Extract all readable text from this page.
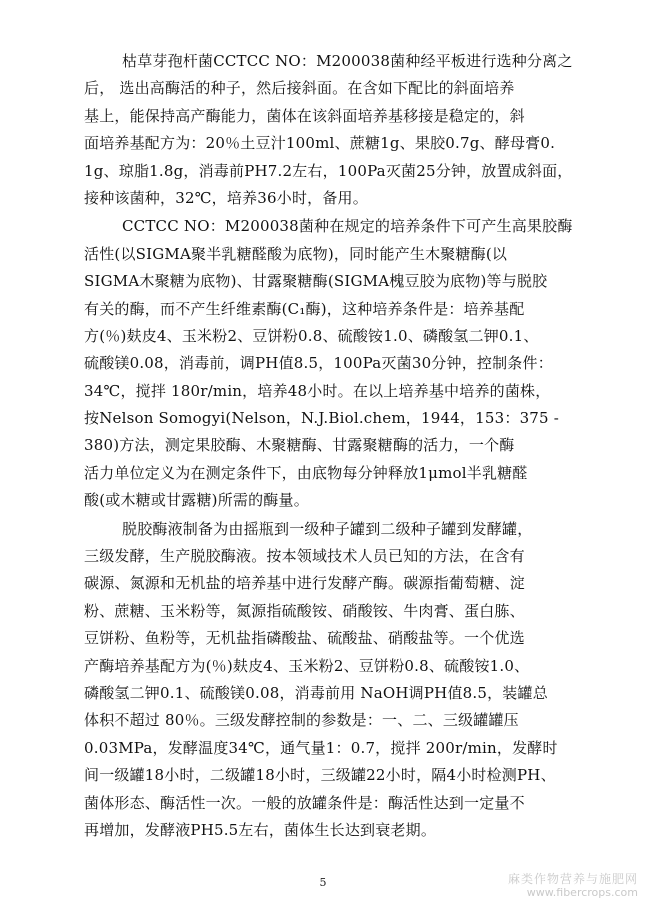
枯草芽孢杆菌CCTCC NO：M200038菌种经平板进行选种分离之
后， 选出高酶活的种子，然后接斜面。在含如下配比的斜面培养
基上，能保持高产酶能力，菌体在该斜面培养基移接是稳定的，斜
面培养基配方为：20％土豆汁100ml、蔗糖1g、果胶0.7g、酵母膏0.
1g、琼脂1.8g，消毒前PH7.2左右，100Pa灭菌25分钟，放置成斜面，
接种该菌种，32℃，培养36小时，备用。
CCTCC NO：M200038菌种在规定的培养条件下可产生高果胶酶
活性(以SIGMA聚半乳糖醛酸为底物)，同时能产生木聚糖酶(以
SIGMA木聚糖为底物)、甘露聚糖酶(SIGMA槐豆胶为底物)等与脱胶
有关的酶，而不产生纤维素酶(C₁酶)，这种培养条件是：培养基配
方(％)麸皮4、玉米粉2、豆饼粉0.8、硫酸铵1.0、磷酸氢二钾0.1、
硫酸镁0.08，消毒前，调PH值8.5，100Pa灭菌30分钟，控制条件：
34℃，搅拌 180r/min，培养48小时。在以上培养基中培养的菌株，
按Nelson Somogyi(Nelson，N.J.Biol.chem，1944，153：375 -
380)方法，测定果胶酶、木聚糖酶、甘露聚糖酶的活力，一个酶
活力单位定义为在测定条件下，由底物每分钟释放1μmol半乳糖醛
酸(或木糖或甘露糖)所需的酶量。
脱胶酶液制备为由摇瓶到一级种子罐到二级种子罐到发酵罐，
三级发酵，生产脱胶酶液。按本领域技术人员已知的方法，在含有
碳源、氮源和无机盐的培养基中进行发酵产酶。碳源指葡萄糖、淀
粉、蔗糖、玉米粉等，氮源指硫酸铵、硝酸铵、牛肉膏、蛋白胨、
豆饼粉、鱼粉等，无机盐指磷酸盐、硫酸盐、硝酸盐等。一个优选
产酶培养基配方为(％)麸皮4、玉米粉2、豆饼粉0.8、硫酸铵1.0、
磷酸氢二钾0.1、硫酸镁0.08，消毒前用 NaOH调PH值8.5，装罐总
体积不超过 80％。三级发酵控制的参数是：一、二、三级罐罐压
0.03MPa，发酵温度34℃，通气量1：0.7，搅拌 200r/min，发酵时
间一级罐18小时，二级罐18小时，三级罐22小时，隔4小时检测PH、
菌体形态、酶活性一次。一般的放罐条件是：酶活性达到一定量不
再增加，发酵液PH5.5左右，菌体生长达到衰老期。
5	麻类作物营养与施肥网
www.fibercrops.com
